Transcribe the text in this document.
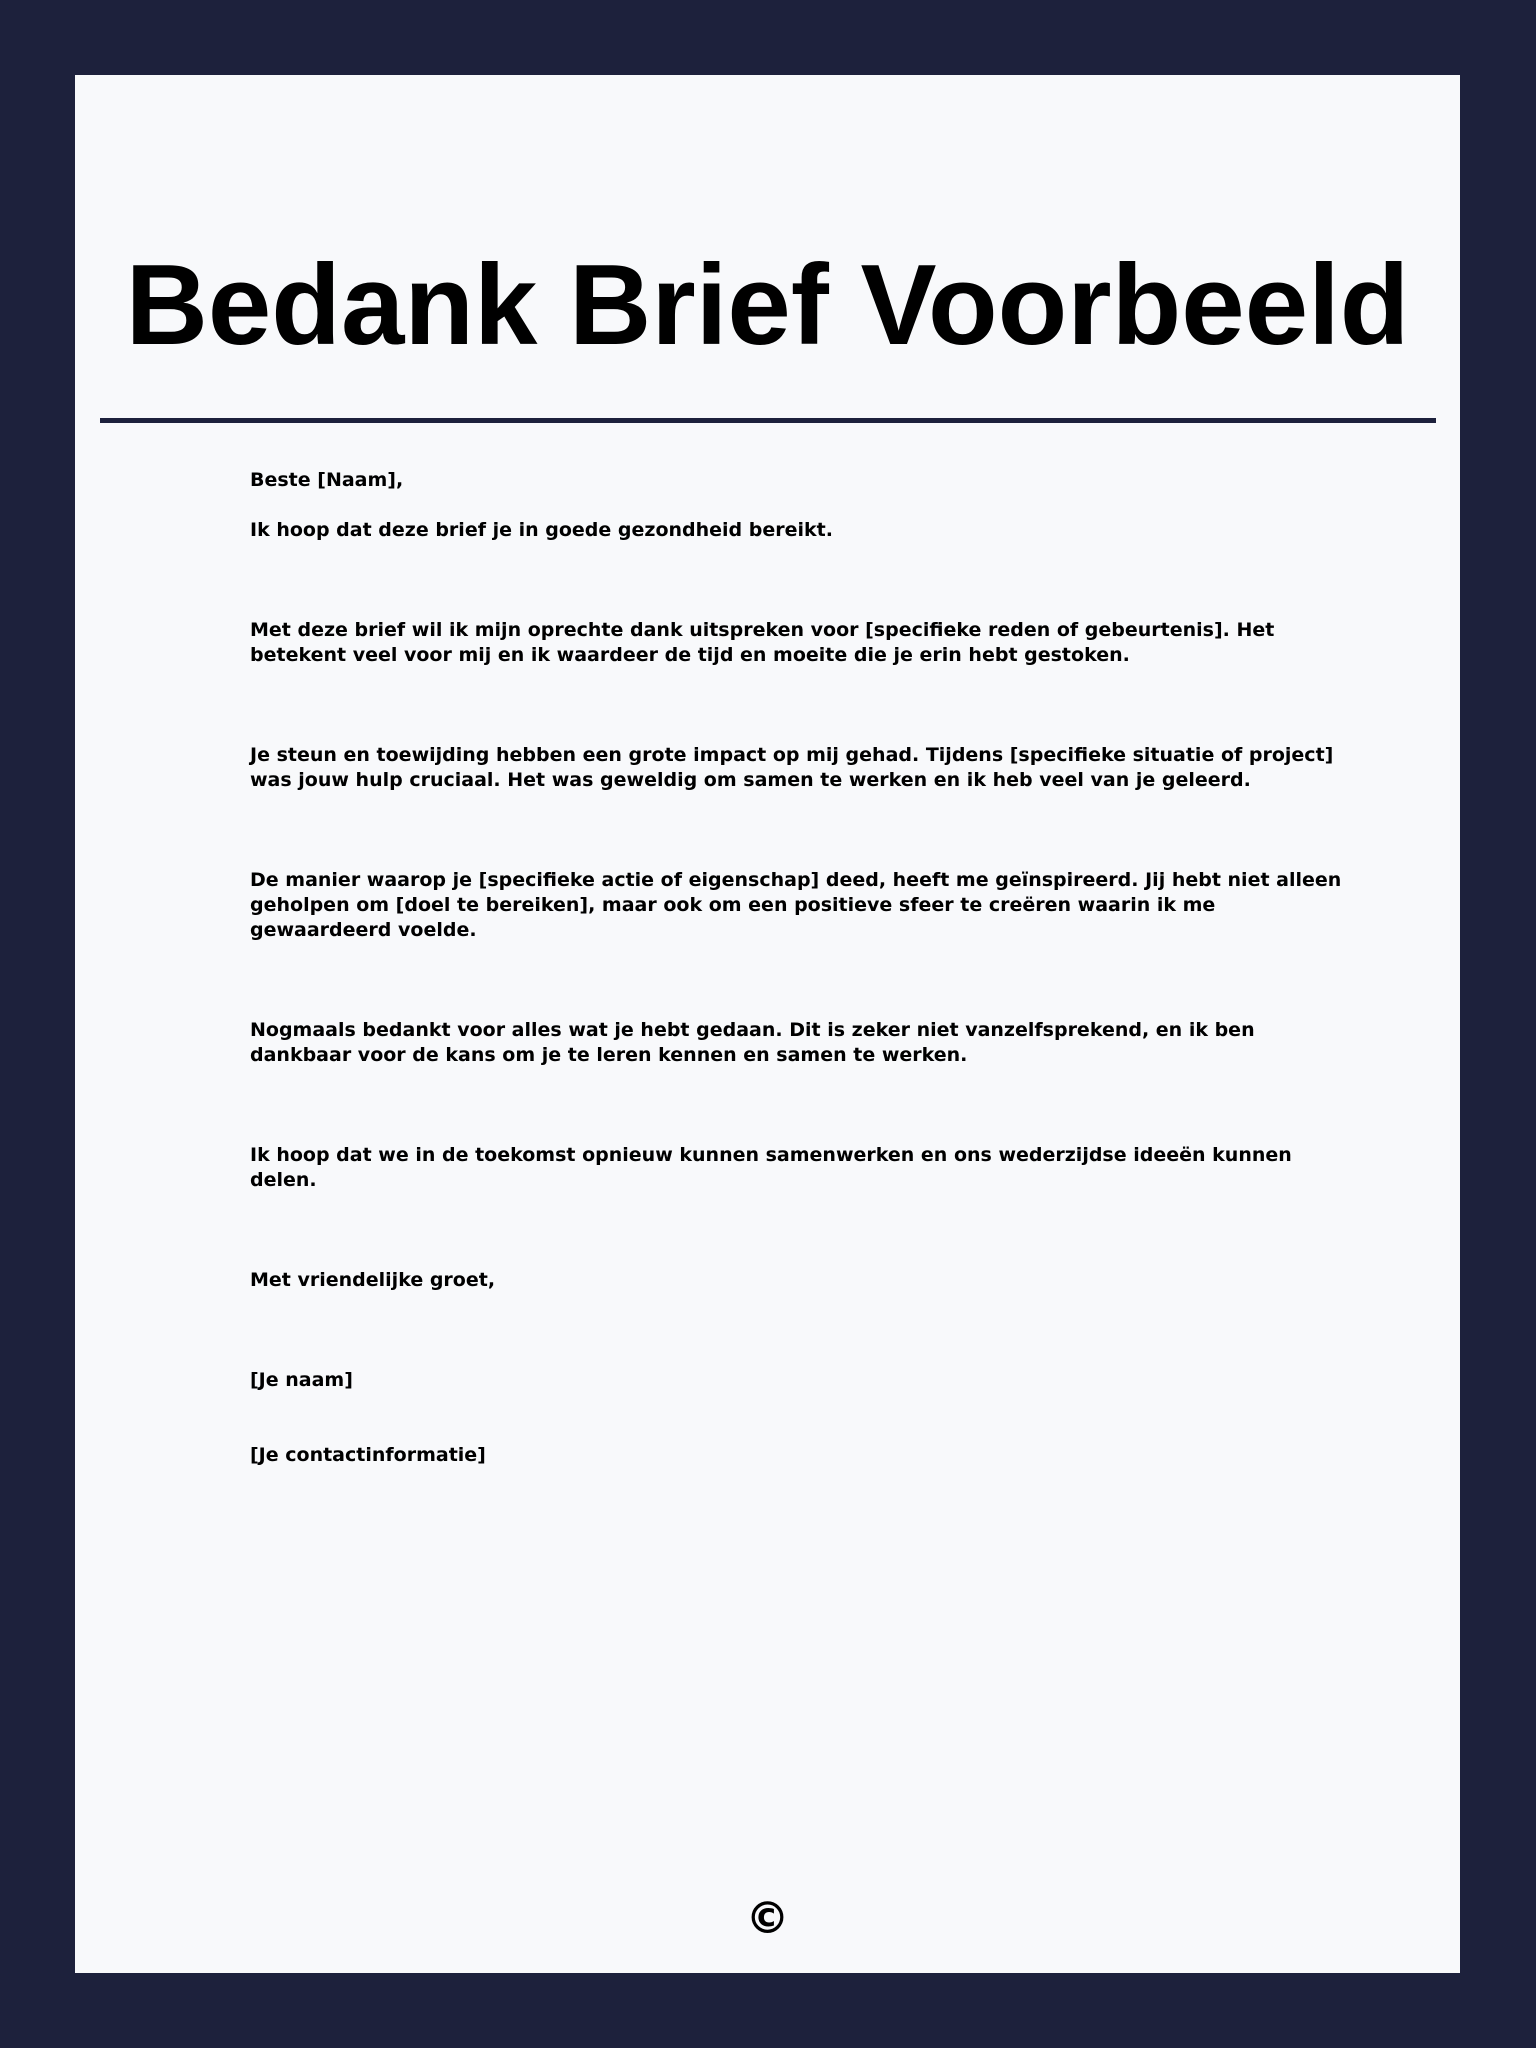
Bedank Brief Voorbeeld

Beste [Naam],

Ik hoop dat deze brief je in goede gezondheid bereikt.

Met deze brief wil ik mijn oprechte dank uitspreken voor [specifieke reden of gebeurtenis]. Het betekent veel voor mij en ik waardeer de tijd en moeite die je erin hebt gestoken.

Je steun en toewijding hebben een grote impact op mij gehad. Tijdens [specifieke situatie of project] was jouw hulp cruciaal. Het was geweldig om samen te werken en ik heb veel van je geleerd.

De manier waarop je [specifieke actie of eigenschap] deed, heeft me geïnspireerd. Jij hebt niet alleen geholpen om [doel te bereiken], maar ook om een positieve sfeer te creëren waarin ik me gewaardeerd voelde.

Nogmaals bedankt voor alles wat je hebt gedaan. Dit is zeker niet vanzelfsprekend, en ik ben dankbaar voor de kans om je te leren kennen en samen te werken.

Ik hoop dat we in de toekomst opnieuw kunnen samenwerken en ons wederzijdse ideeën kunnen delen.

Met vriendelijke groet,

[Je naam]

[Je contactinformatie]

©
